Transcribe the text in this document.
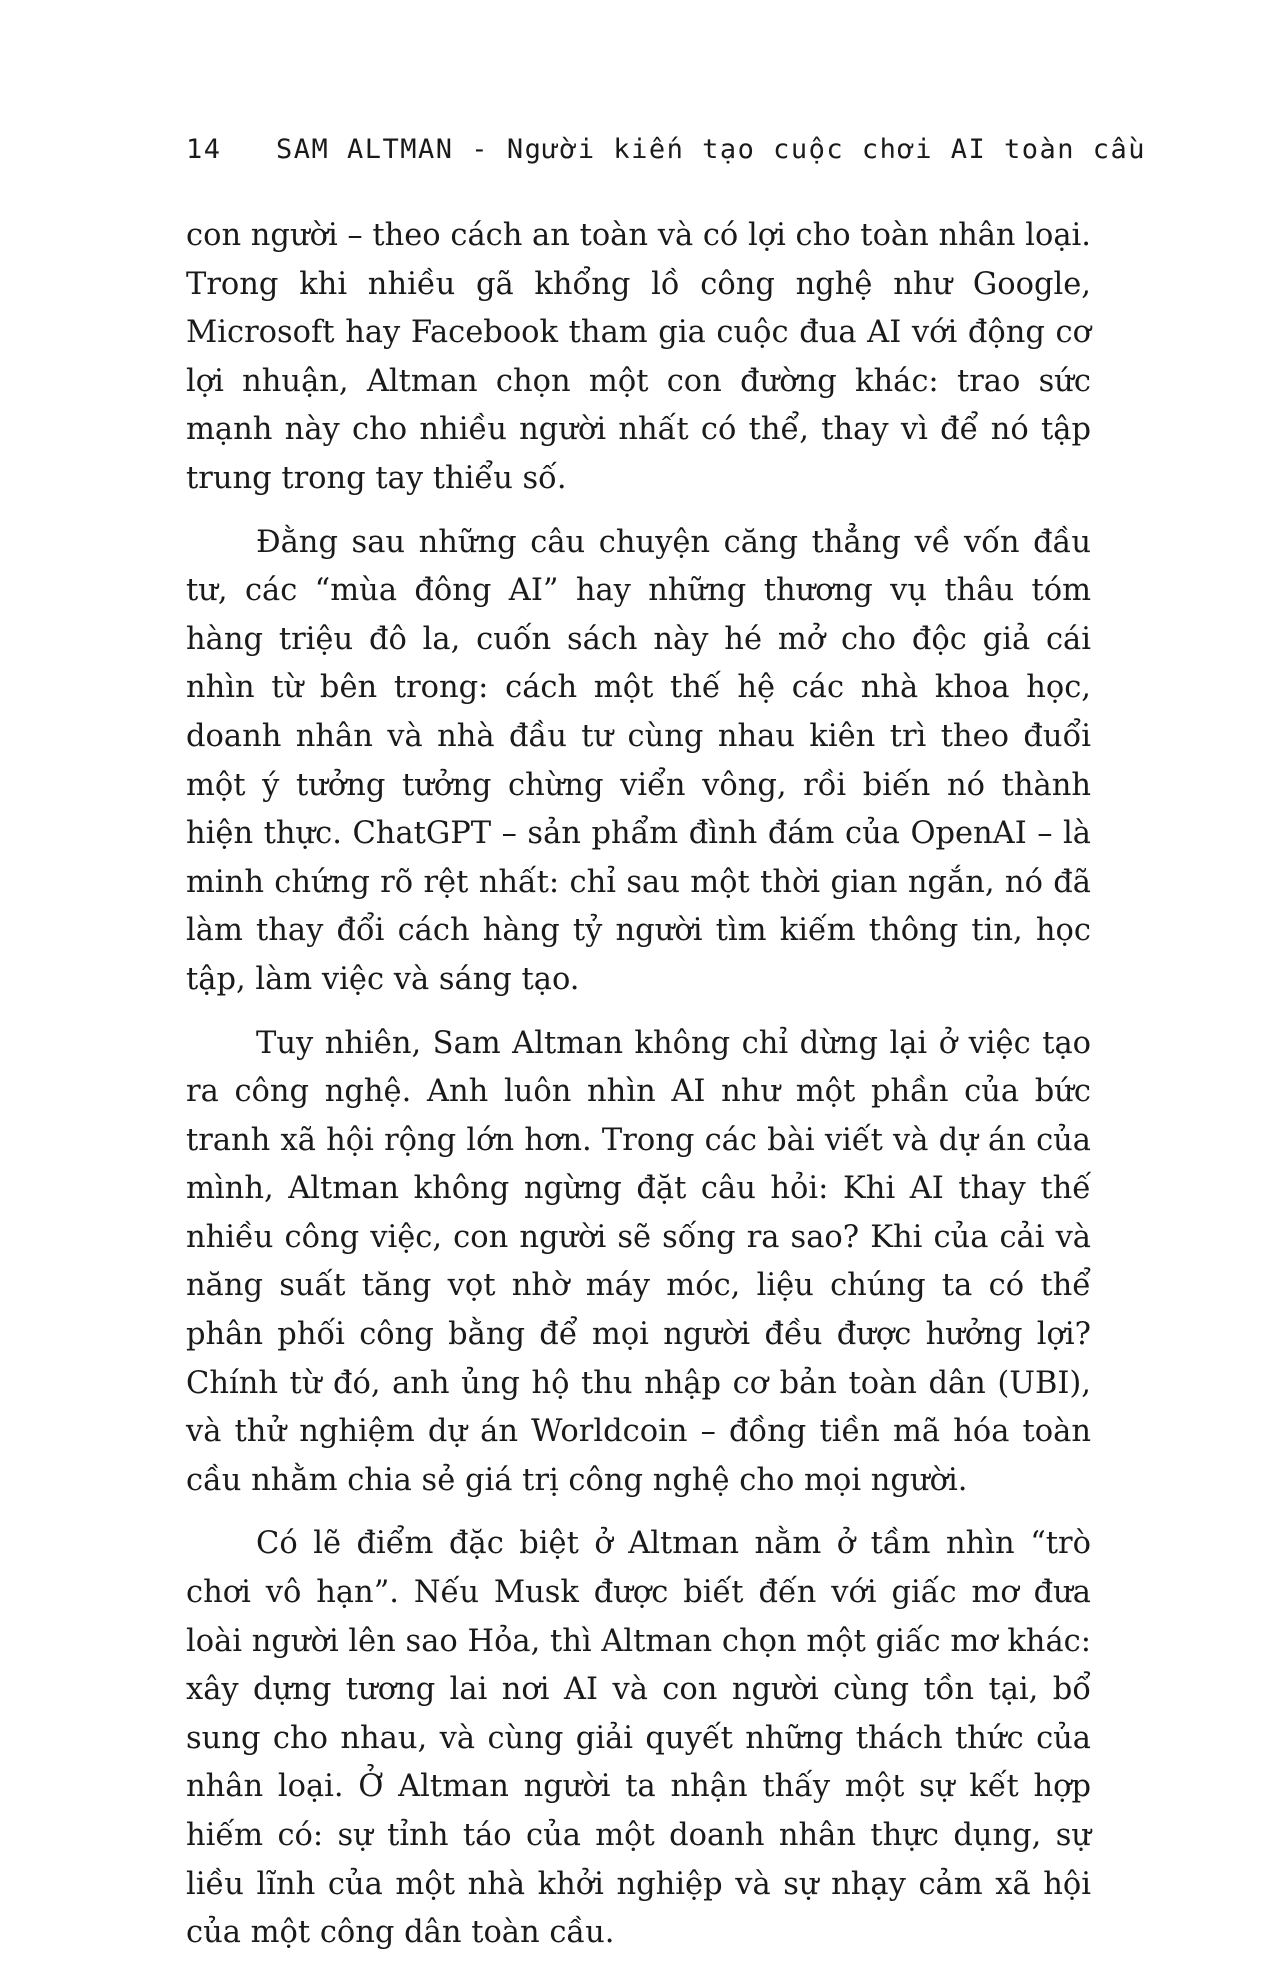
14 SAM ALTMAN - Người kiến tạo cuộc chơi AI toàn cầu

con người – theo cách an toàn và có lợi cho toàn nhân loại. Trong khi nhiều gã khổng lồ công nghệ như Google, Microsoft hay Facebook tham gia cuộc đua AI với động cơ lợi nhuận, Altman chọn một con đường khác: trao sức mạnh này cho nhiều người nhất có thể, thay vì để nó tập trung trong tay thiểu số.

Đằng sau những câu chuyện căng thẳng về vốn đầu tư, các “mùa đông AI” hay những thương vụ thâu tóm hàng triệu đô la, cuốn sách này hé mở cho độc giả cái nhìn từ bên trong: cách một thế hệ các nhà khoa học, doanh nhân và nhà đầu tư cùng nhau kiên trì theo đuổi một ý tưởng tưởng chừng viển vông, rồi biến nó thành hiện thực. ChatGPT – sản phẩm đình đám của OpenAI – là minh chứng rõ rệt nhất: chỉ sau một thời gian ngắn, nó đã làm thay đổi cách hàng tỷ người tìm kiếm thông tin, học tập, làm việc và sáng tạo.

Tuy nhiên, Sam Altman không chỉ dừng lại ở việc tạo ra công nghệ. Anh luôn nhìn AI như một phần của bức tranh xã hội rộng lớn hơn. Trong các bài viết và dự án của mình, Altman không ngừng đặt câu hỏi: Khi AI thay thế nhiều công việc, con người sẽ sống ra sao? Khi của cải và năng suất tăng vọt nhờ máy móc, liệu chúng ta có thể phân phối công bằng để mọi người đều được hưởng lợi? Chính từ đó, anh ủng hộ thu nhập cơ bản toàn dân (UBI), và thử nghiệm dự án Worldcoin – đồng tiền mã hóa toàn cầu nhằm chia sẻ giá trị công nghệ cho mọi người.

Có lẽ điểm đặc biệt ở Altman nằm ở tầm nhìn “trò chơi vô hạn”. Nếu Musk được biết đến với giấc mơ đưa loài người lên sao Hỏa, thì Altman chọn một giấc mơ khác: xây dựng tương lai nơi AI và con người cùng tồn tại, bổ sung cho nhau, và cùng giải quyết những thách thức của nhân loại. Ở Altman người ta nhận thấy một sự kết hợp hiếm có: sự tỉnh táo của một doanh nhân thực dụng, sự liều lĩnh của một nhà khởi nghiệp và sự nhạy cảm xã hội của một công dân toàn cầu.
